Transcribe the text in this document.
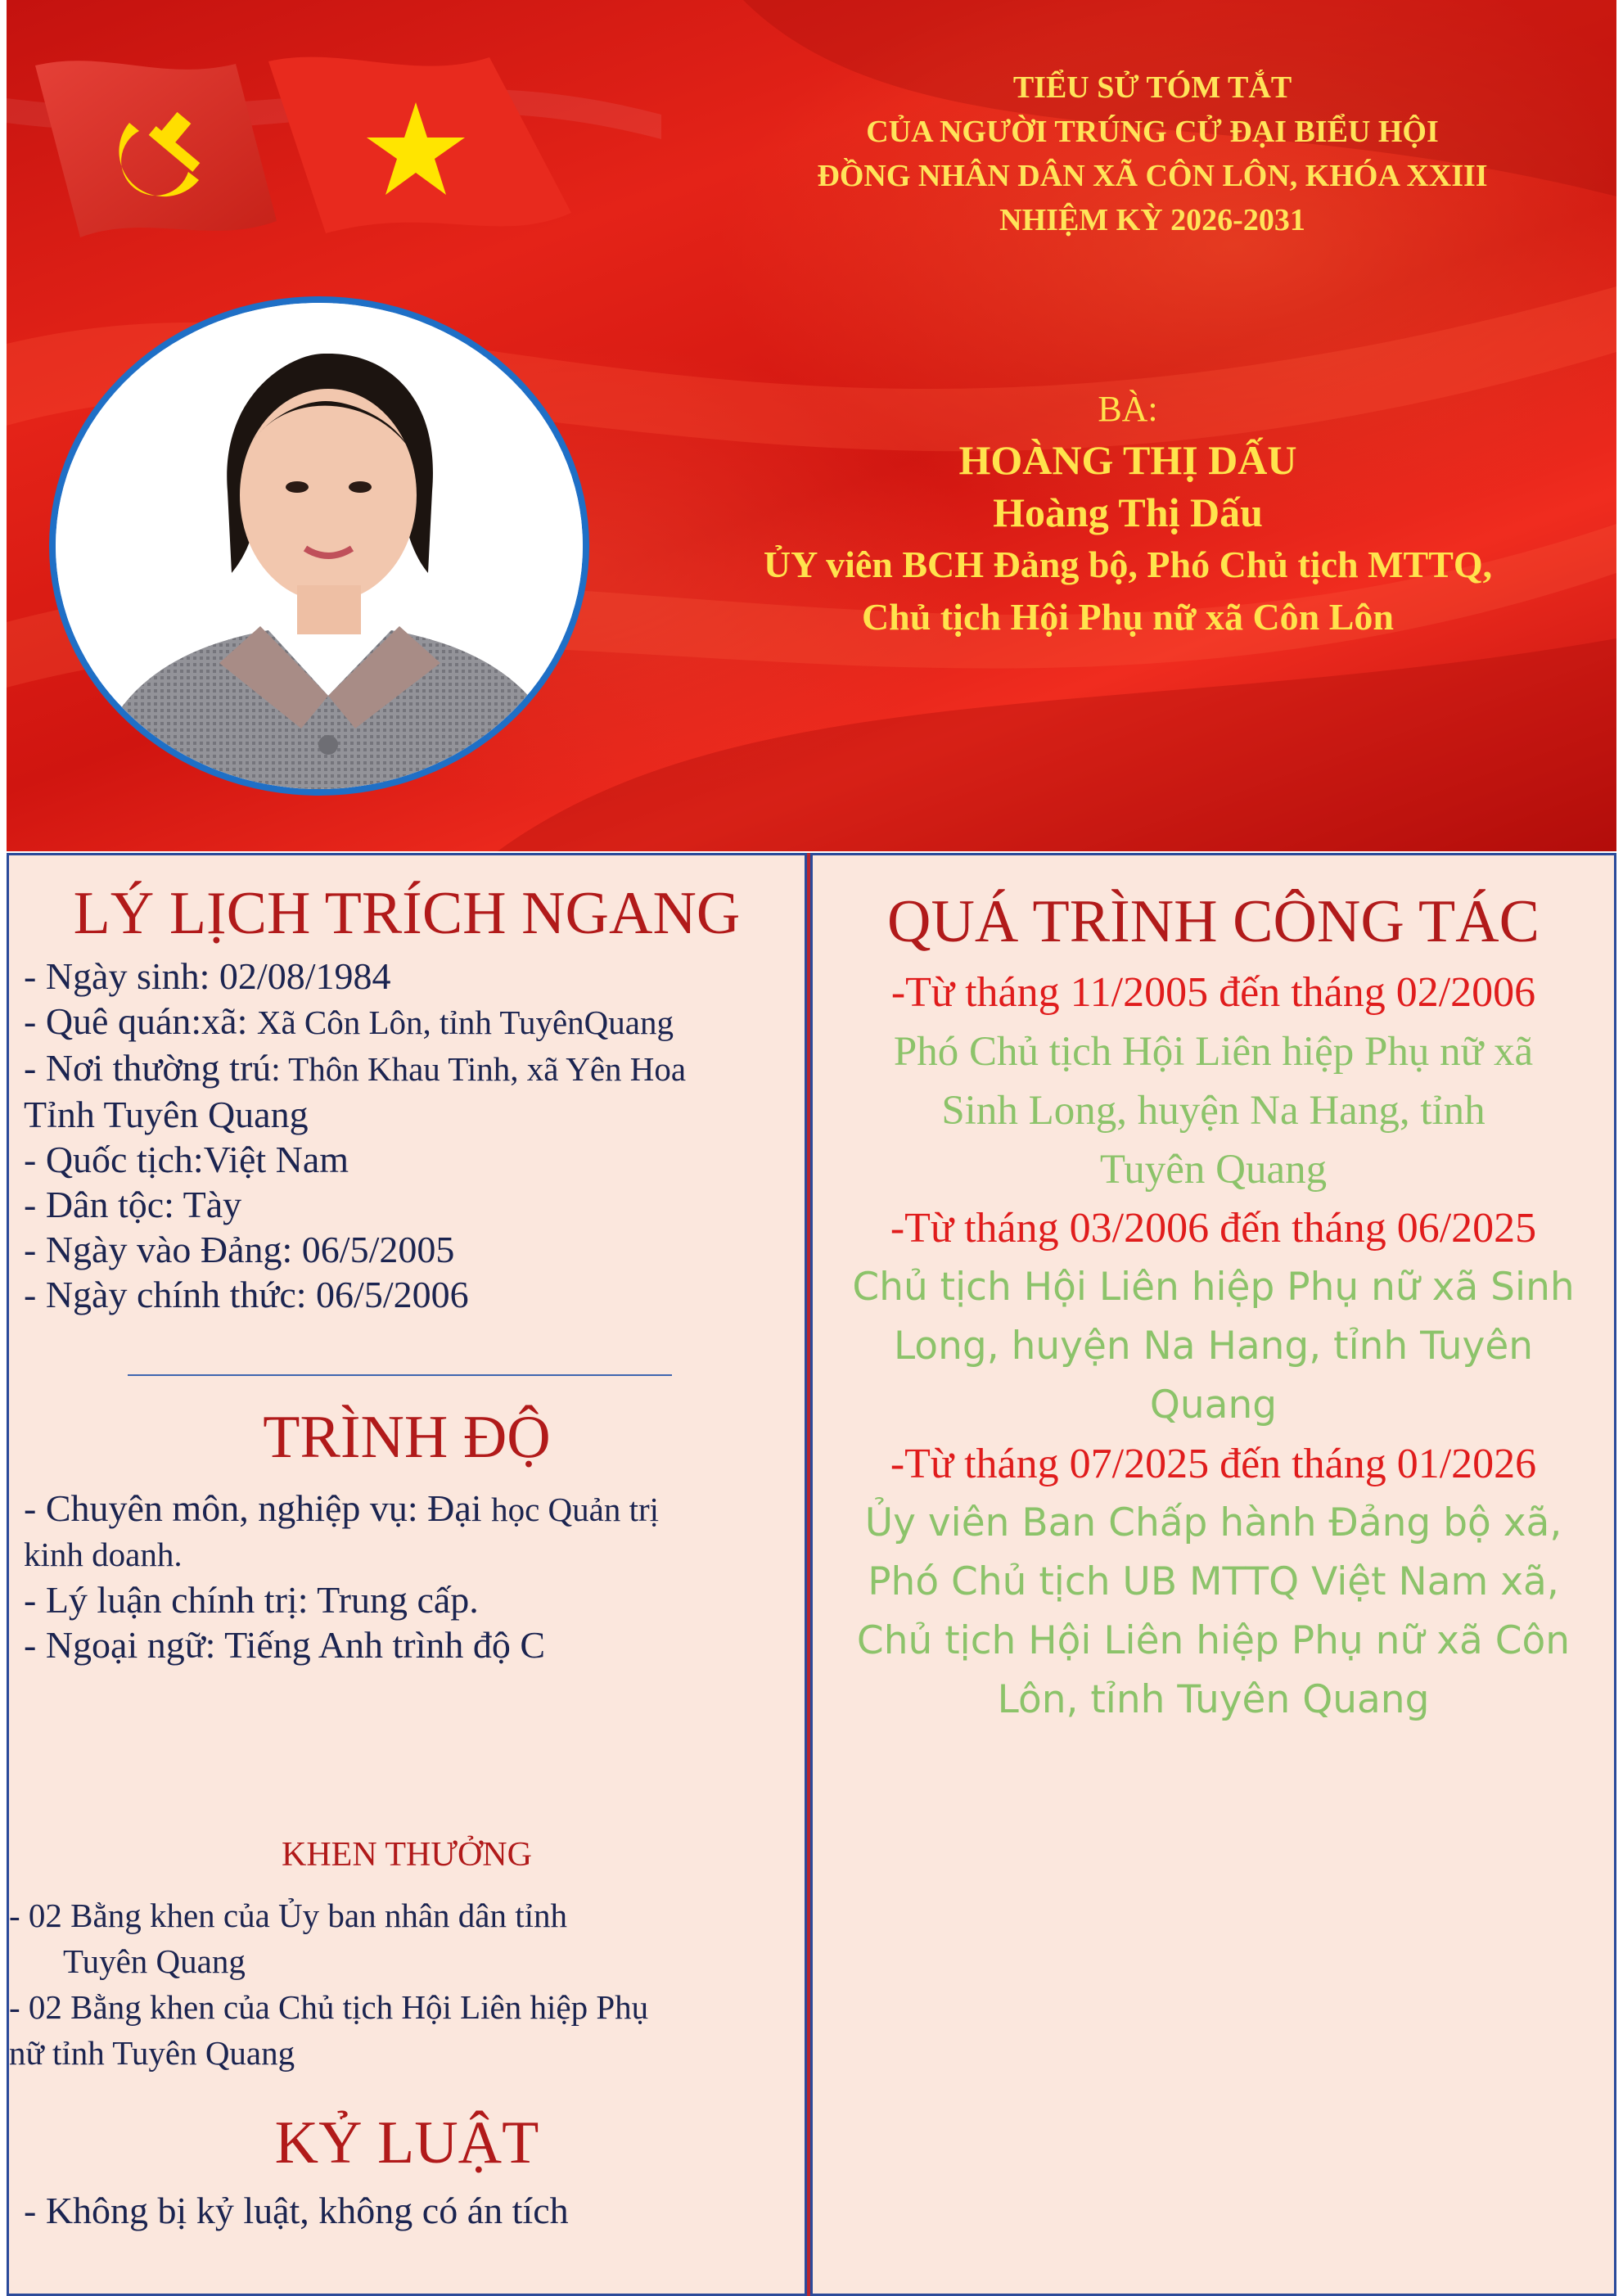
TIỂU SỬ TÓM TẮT
CỦA NGƯỜI TRÚNG CỬ ĐẠI BIỂU HỘI
ĐỒNG NHÂN DÂN XÃ CÔN LÔN, KHÓA XXIII
NHIỆM KỲ 2026-2031
BÀ:
HOÀNG THỊ DẤU
Hoàng Thị Dấu
ỦY viên BCH Đảng bộ, Phó Chủ tịch MTTQ,
Chủ tịch Hội Phụ nữ xã Côn Lôn
LÝ LỊCH TRÍCH NGANG
- Ngày sinh: 02/08/1984
- Quê quán:xã: Xã Côn Lôn, tỉnh TuyênQuang
- Nơi thường trú: Thôn Khau Tinh, xã Yên Hoa
Tỉnh Tuyên Quang
- Quốc tịch:Việt Nam
- Dân tộc: Tày
- Ngày vào Đảng: 06/5/2005
- Ngày chính thức: 06/5/2006
TRÌNH ĐỘ
- Chuyên môn, nghiệp vụ: Đại học Quản trị
kinh doanh.
- Lý luận chính trị: Trung cấp.
- Ngoại ngữ: Tiếng Anh trình độ C
KHEN THƯỞNG
- 02 Bằng khen của Ủy ban nhân dân tỉnh
Tuyên Quang
- 02 Bằng khen của Chủ tịch Hội Liên hiệp Phụ
nữ tỉnh Tuyên Quang
KỶ LUẬT
- Không bị kỷ luật, không có án tích
QUÁ TRÌNH CÔNG TÁC
-Từ tháng 11/2005 đến tháng 02/2006
Phó Chủ tịch Hội Liên hiệp Phụ nữ xã
Sinh Long, huyện Na Hang, tỉnh
Tuyên Quang
-Từ tháng 03/2006 đến tháng 06/2025
Chủ tịch Hội Liên hiệp Phụ nữ xã Sinh
Long, huyện Na Hang, tỉnh Tuyên
Quang
-Từ tháng 07/2025 đến tháng 01/2026
Ủy viên Ban Chấp hành Đảng bộ xã,
Phó Chủ tịch UB MTTQ Việt Nam xã,
Chủ tịch Hội Liên hiệp Phụ nữ xã Côn
Lôn, tỉnh Tuyên Quang
